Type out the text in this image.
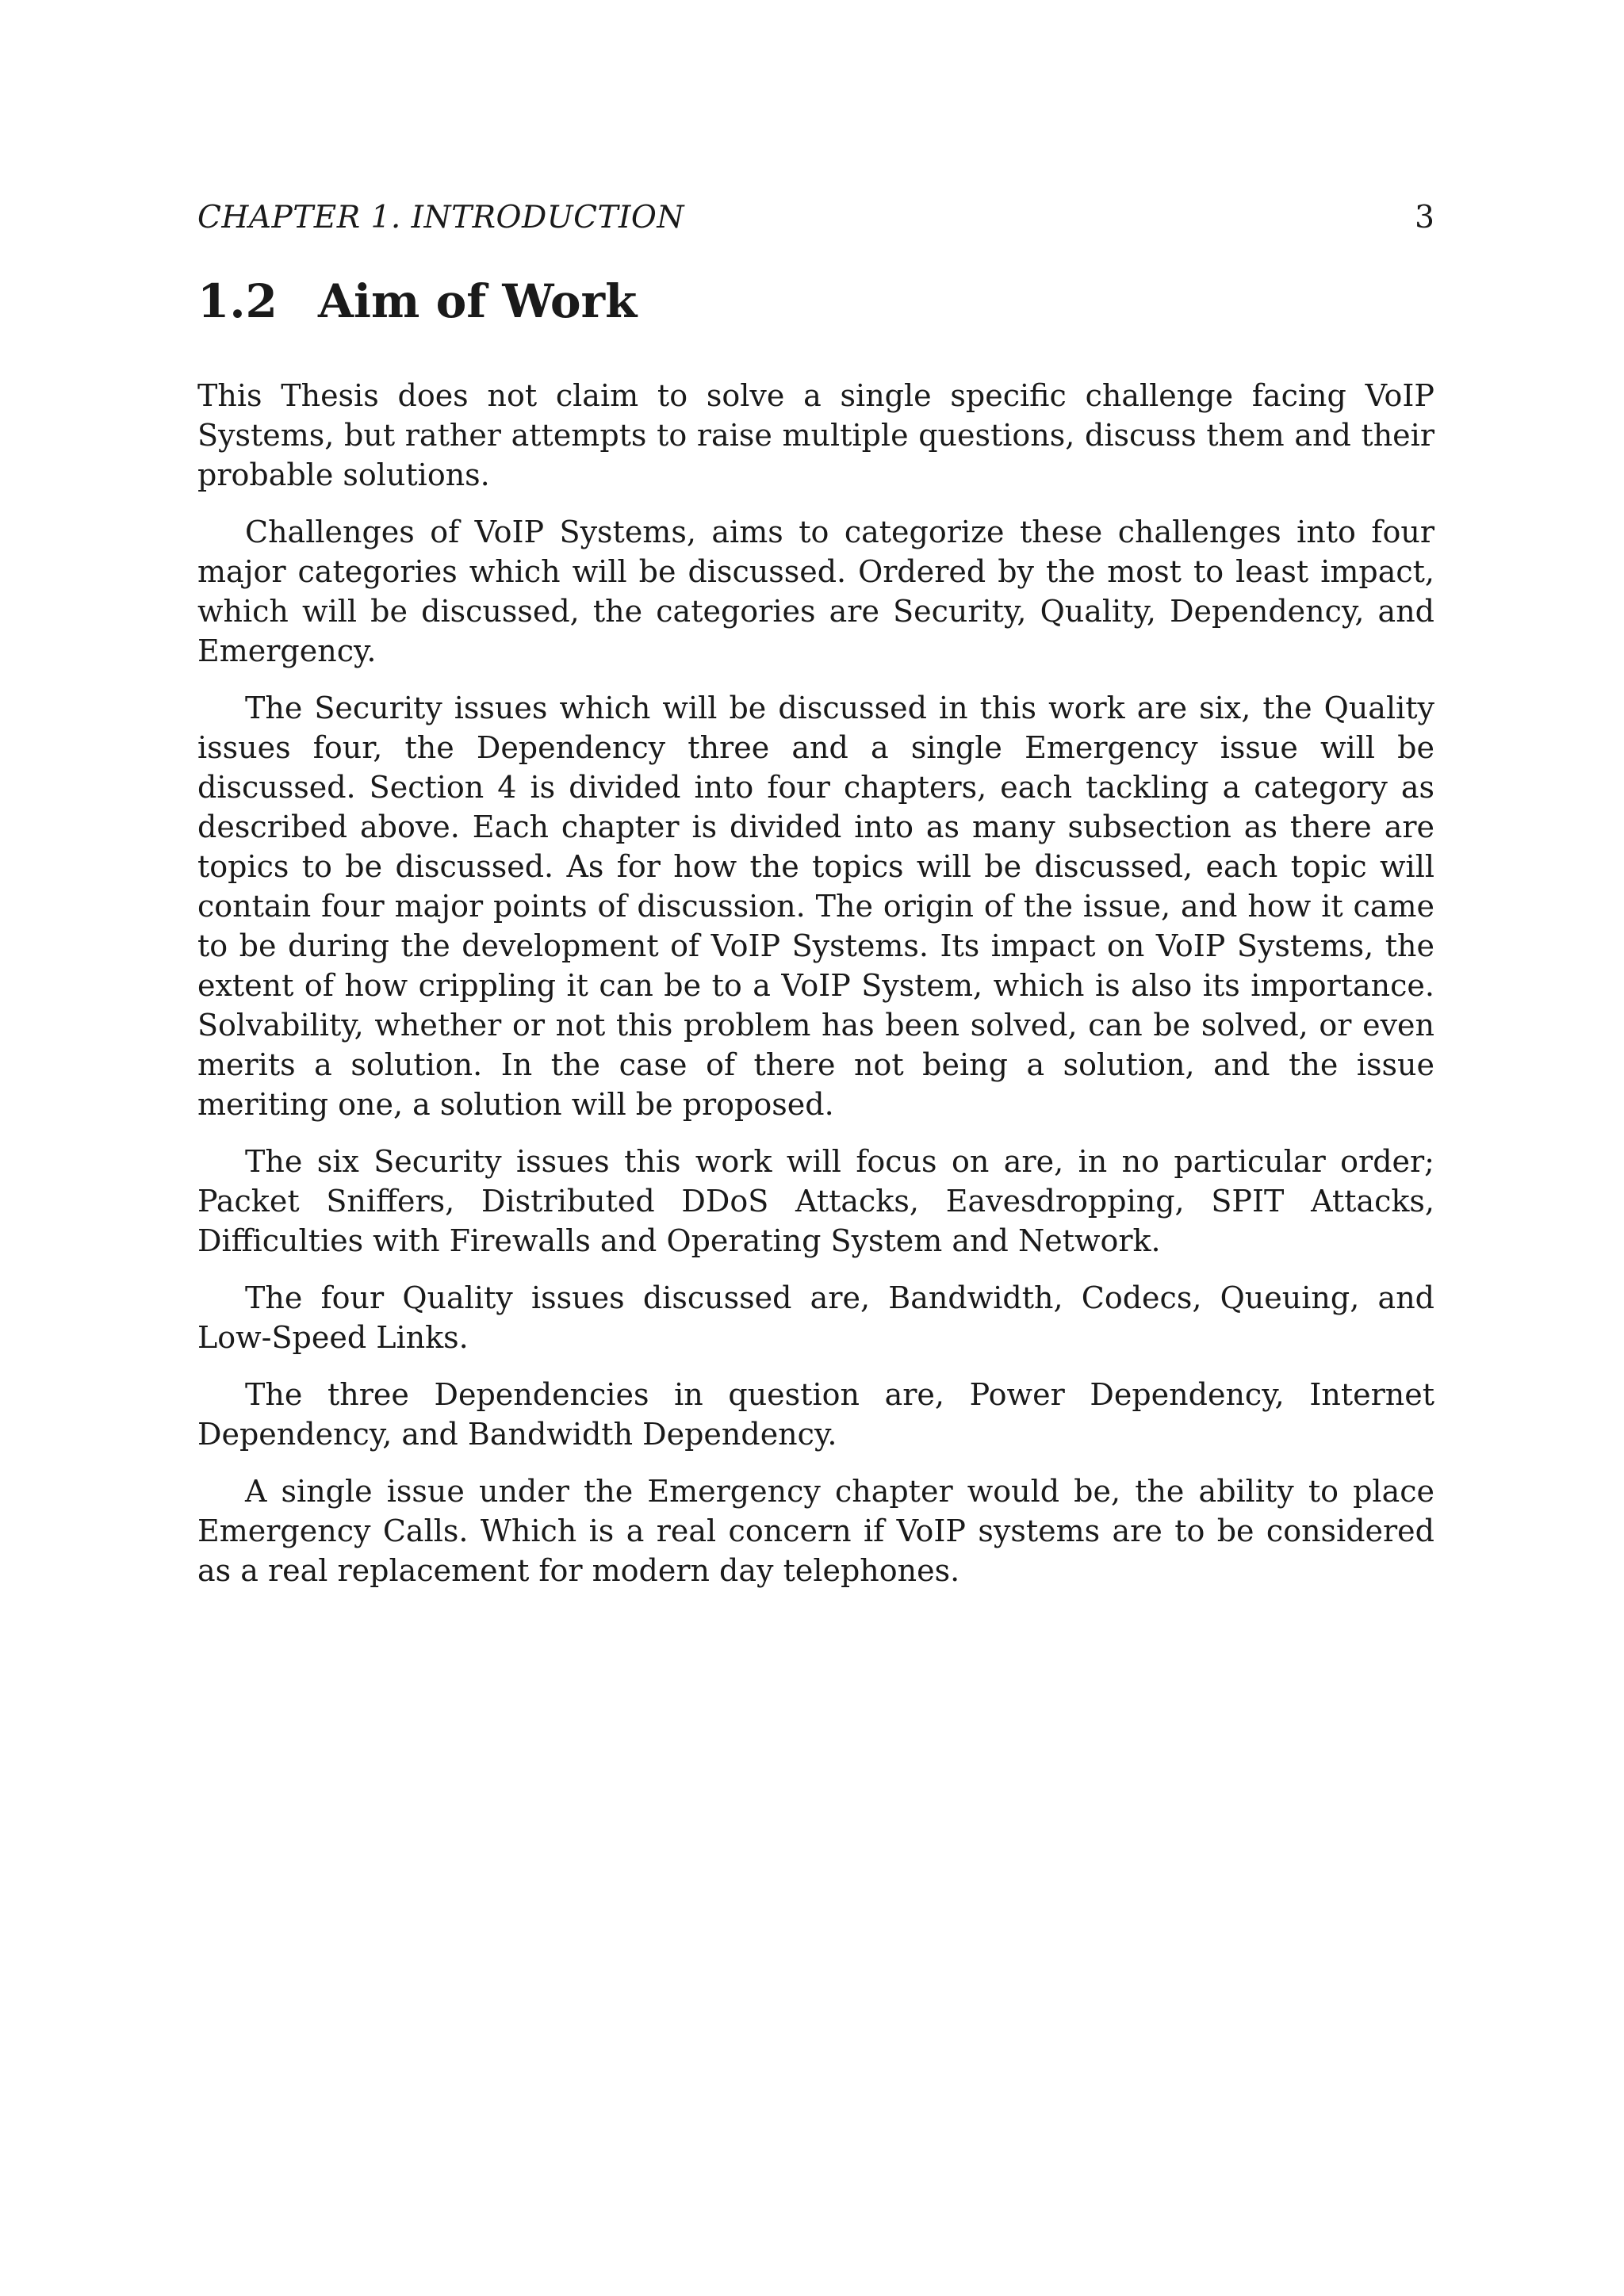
CHAPTER 1. INTRODUCTION	3
1.2 Aim of Work

This Thesis does not claim to solve a single specific challenge facing VoIP Systems, but rather attempts to raise multiple questions, discuss them and their probable solutions.

Challenges of VoIP Systems, aims to categorize these challenges into four major categories which will be discussed. Ordered by the most to least impact, which will be discussed, the categories are Security, Quality, Dependency, and Emergency.

The Security issues which will be discussed in this work are six, the Quality issues four, the Dependency three and a single Emergency issue will be discussed. Section 4 is divided into four chapters, each tackling a category as described above. Each chapter is divided into as many subsection as there are topics to be discussed. As for how the topics will be discussed, each topic will contain four major points of discussion. The origin of the issue, and how it came to be during the development of VoIP Systems. Its impact on VoIP Systems, the extent of how crippling it can be to a VoIP System, which is also its importance. Solvability, whether or not this problem has been solved, can be solved, or even merits a solution. In the case of there not being a solution, and the issue meriting one, a solution will be proposed.

The six Security issues this work will focus on are, in no particular order; Packet Sniffers, Distributed DDoS Attacks, Eavesdropping, SPIT Attacks, Difficulties with Firewalls and Operating System and Network.

The four Quality issues discussed are, Bandwidth, Codecs, Queuing, and Low-Speed Links.

The three Dependencies in question are, Power Dependency, Internet Dependency, and Bandwidth Dependency.

A single issue under the Emergency chapter would be, the ability to place Emergency Calls. Which is a real concern if VoIP systems are to be considered as a real replacement for modern day telephones.
